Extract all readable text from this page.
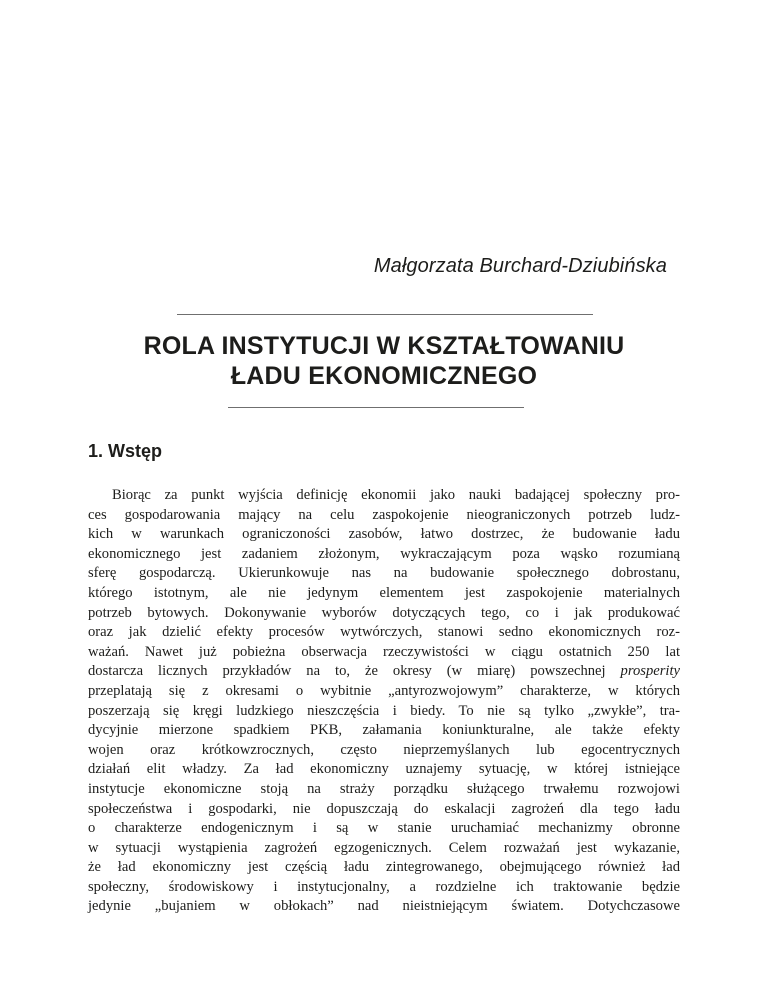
Małgorzata Burchard-Dziubińska
ROLA INSTYTUCJI W KSZTAŁTOWANIU
ŁADU EKONOMICZNEGO
1. Wstęp
Biorąc za punkt wyjścia definicję ekonomii jako nauki badającej społeczny pro-
ces gospodarowania mający na celu zaspokojenie nieograniczonych potrzeb ludz-
kich w warunkach ograniczoności zasobów, łatwo dostrzec, że budowanie ładu
ekonomicznego jest zadaniem złożonym, wykraczającym poza wąsko rozumianą
sferę gospodarczą. Ukierunkowuje nas na budowanie społecznego dobrostanu,
którego istotnym, ale nie jedynym elementem jest zaspokojenie materialnych
potrzeb bytowych. Dokonywanie wyborów dotyczących tego, co i jak produkować
oraz jak dzielić efekty procesów wytwórczych, stanowi sedno ekonomicznych roz-
ważań. Nawet już pobieżna obserwacja rzeczywistości w ciągu ostatnich 250 lat
dostarcza licznych przykładów na to, że okresy (w miarę) powszechnej prosperity
przeplatają się z okresami o wybitnie „antyrozwojowym” charakterze, w których
poszerzają się kręgi ludzkiego nieszczęścia i biedy. To nie są tylko „zwykłe”, tra-
dycyjnie mierzone spadkiem PKB, załamania koniunkturalne, ale także efekty
wojen oraz krótkowzrocznych, często nieprzemyślanych lub egocentrycznych
działań elit władzy. Za ład ekonomiczny uznajemy sytuację, w której istniejące
instytucje ekonomiczne stoją na straży porządku służącego trwałemu rozwojowi
społeczeństwa i gospodarki, nie dopuszczają do eskalacji zagrożeń dla tego ładu
o charakterze endogenicznym i są w stanie uruchamiać mechanizmy obronne
w sytuacji wystąpienia zagrożeń egzogenicznych. Celem rozważań jest wykazanie,
że ład ekonomiczny jest częścią ładu zintegrowanego, obejmującego również ład
społeczny, środowiskowy i instytucjonalny, a rozdzielne ich traktowanie będzie
jedynie „bujaniem w obłokach” nad nieistniejącym światem. Dotychczasowe
